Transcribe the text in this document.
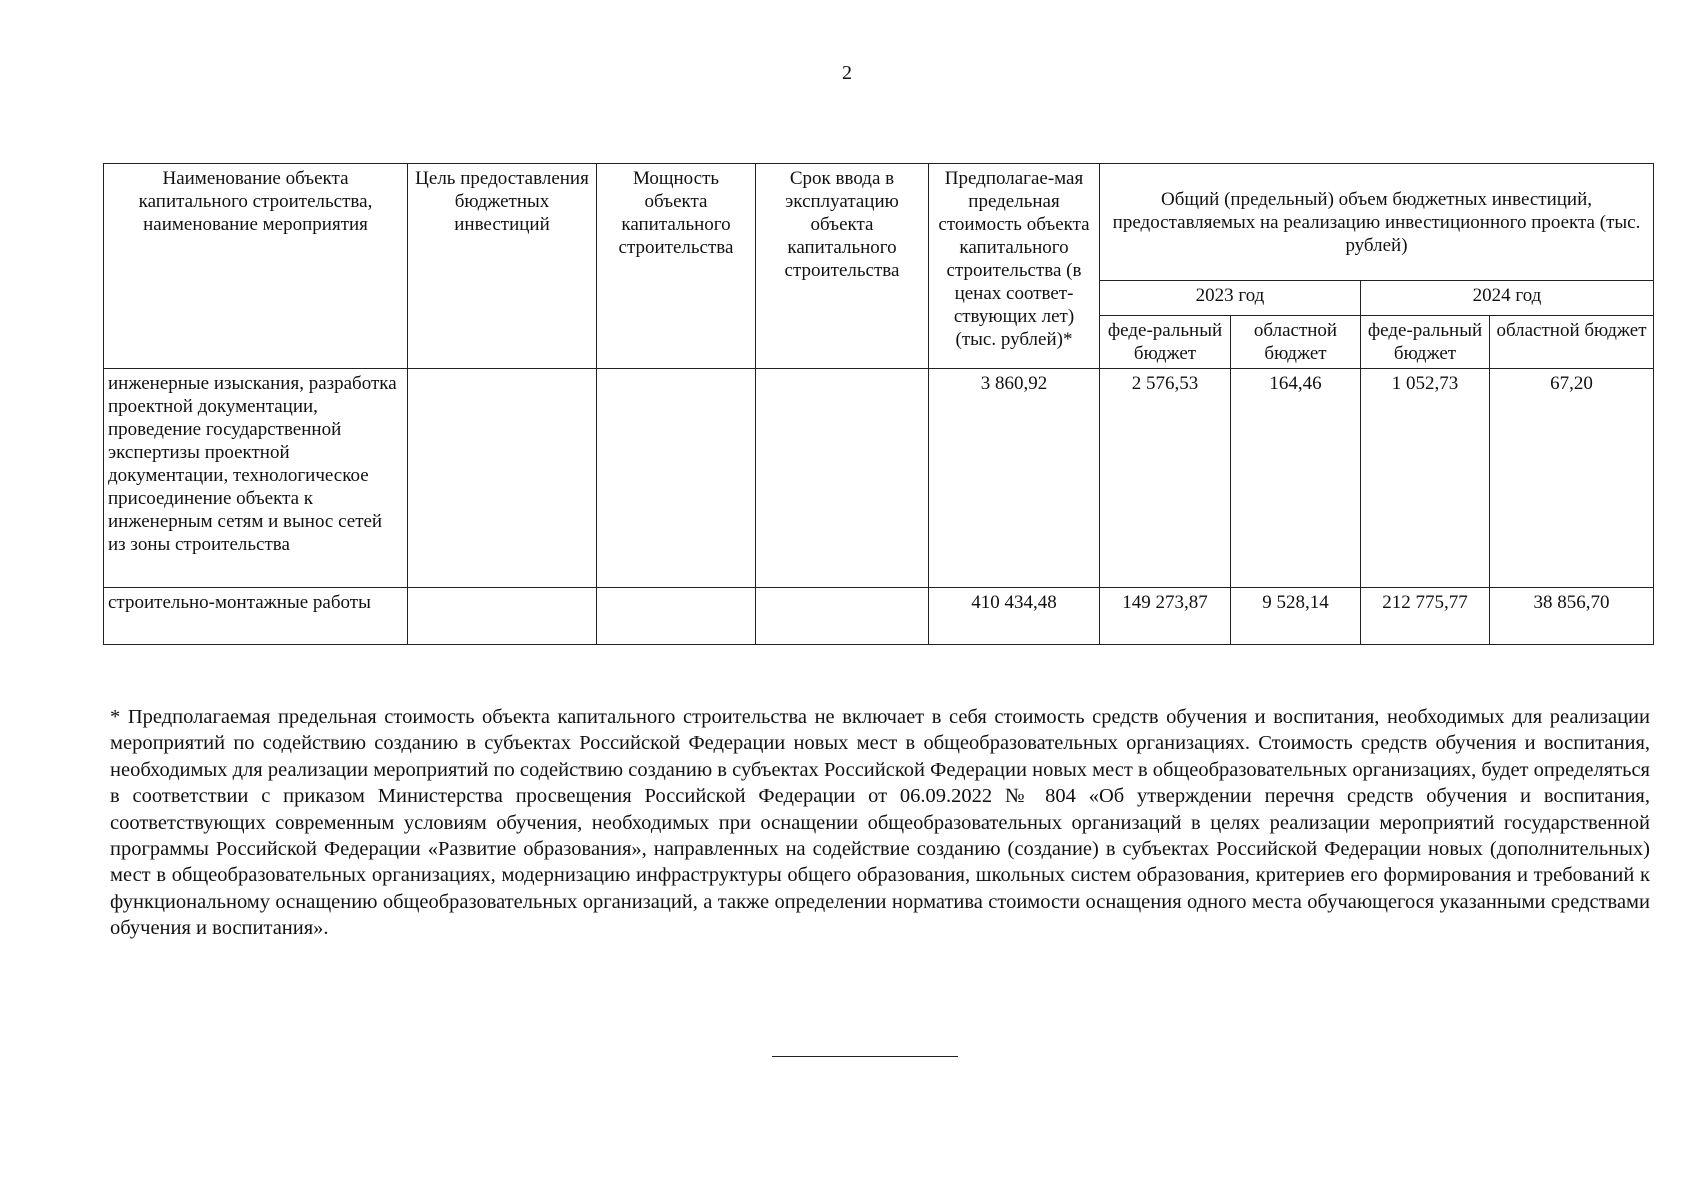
2
Наименование объекта капитального строительства, наименование мероприятия	Цель предоставления бюджетных инвестиций	Мощность объекта капитального строительства	Срок ввода в эксплуатацию объекта капитального строительства	Предполагае-мая предельная стоимость объекта капитального строительства (в ценах соответ-ствующих лет) (тыс. рублей)*	Общий (предельный) объем бюджетных инвестиций, предоставляемых на реализацию инвестиционного проекта (тыс. рублей)			
					2023 год		2024 год	
					феде-ральный бюджет	областной бюджет	феде-ральный бюджет	областной бюджет
инженерные изыскания, разработка проектной документации, проведение государственной экспертизы проектной документации, технологическое присоединение объекта к инженерным сетям и вынос сетей из зоны строительства				3 860,92	2 576,53	164,46	1 052,73	67,20
строительно-монтажные работы				410 434,48	149 273,87	9 528,14	212 775,77	38 856,70
* Предполагаемая предельная стоимость объекта капитального строительства не включает в себя стоимость средств обучения и воспитания, необходимых для реализации мероприятий по содействию созданию в субъектах Российской Федерации новых мест в общеобразовательных организациях. Стоимость средств обучения и воспитания, необходимых для реализации мероприятий по содействию созданию в субъектах Российской Федерации новых мест в общеобразовательных организациях, будет определяться в соответствии с приказом Министерства просвещения Российской Федерации от 06.09.2022 № 804 «Об утверждении перечня средств обучения и воспитания, соответствующих современным условиям обучения, необходимых при оснащении общеобразовательных организаций в целях реализации мероприятий государственной программы Российской Федерации «Развитие образования», направленных на содействие созданию (создание) в субъектах Российской Федерации новых (дополнительных) мест в общеобразовательных организациях, модернизацию инфраструктуры общего образования, школьных систем образования, критериев его формирования и требований к функциональному оснащению общеобразовательных организаций, а также определении норматива стоимости оснащения одного места обучающегося указанными средствами обучения и воспитания».
